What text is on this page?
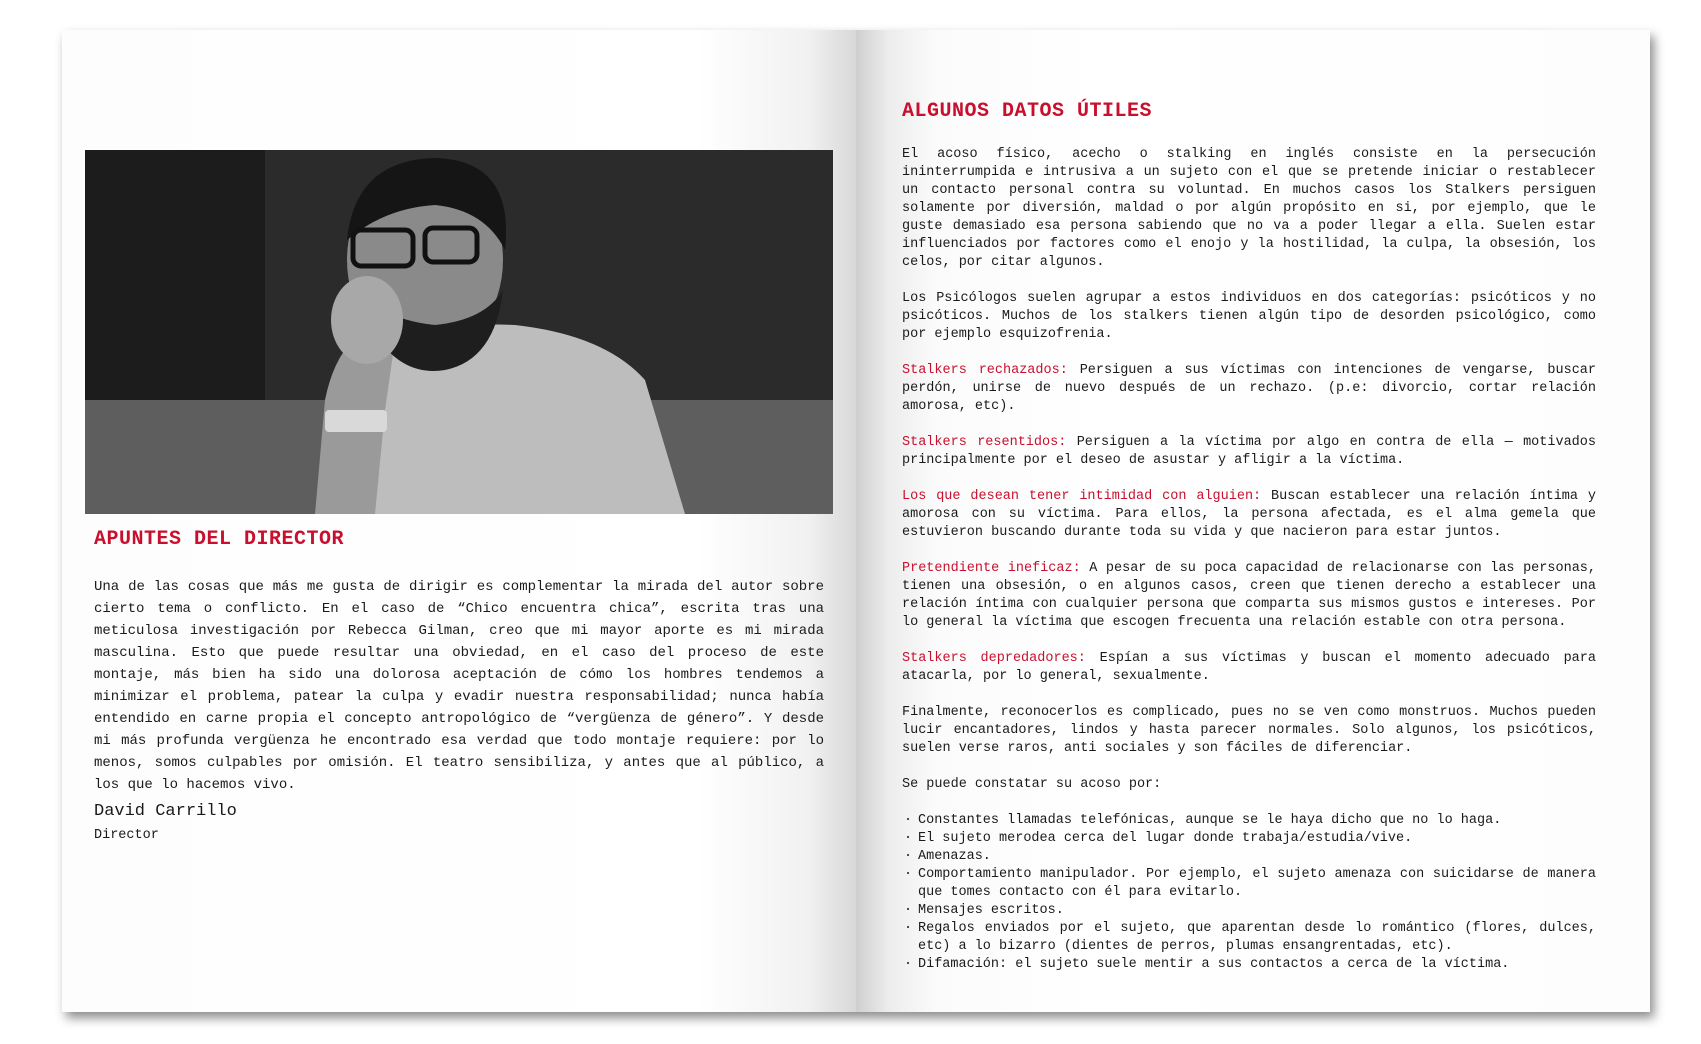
APUNTES DEL DIRECTOR

Una de las cosas que más me gusta de dirigir es complementar la mirada del autor sobre cierto tema o conflicto. En el caso de “Chico encuentra chica”, escrita tras una meticulosa investigación por Rebecca Gilman, creo que mi mayor aporte es mi mirada masculina. Esto que puede resultar una obviedad, en el caso del proceso de este montaje, más bien ha sido una dolorosa aceptación de cómo los hombres tendemos a minimizar el problema, patear la culpa y evadir nuestra responsabilidad; nunca había entendido en carne propia el concepto antropológico de “vergüenza de género”. Y desde mi más profunda vergüenza he encontrado esa verdad que todo montaje requiere: por lo menos, somos culpables por omisión. El teatro sensibiliza, y antes que al público, a los que lo hacemos vivo.

David Carrillo
Director
ALGUNOS DATOS ÚTILES

El acoso físico, acecho o stalking en inglés consiste en la persecución ininterrumpida e intrusiva a un sujeto con el que se pretende iniciar o restablecer un contacto personal contra su voluntad. En muchos casos los Stalkers persiguen solamente por diversión, maldad o por algún propósito en si, por ejemplo, que le guste demasiado esa persona sabiendo que no va a poder llegar a ella. Suelen estar influenciados por factores como el enojo y la hostilidad, la culpa, la obsesión, los celos, por citar algunos.

Los Psicólogos suelen agrupar a estos individuos en dos categorías: psicóticos y no psicóticos. Muchos de los stalkers tienen algún tipo de desorden psicológico, como por ejemplo esquizofrenia.

Stalkers rechazados: Persiguen a sus víctimas con intenciones de vengarse, buscar perdón, unirse de nuevo después de un rechazo. (p.e: divorcio, cortar relación amorosa, etc).

Stalkers resentidos: Persiguen a la víctima por algo en contra de ella — motivados principalmente por el deseo de asustar y afligir a la víctima.

Los que desean tener intimidad con alguien: Buscan establecer una relación íntima y amorosa con su víctima. Para ellos, la persona afectada, es el alma gemela que estuvieron buscando durante toda su vida y que nacieron para estar juntos.

Pretendiente ineficaz: A pesar de su poca capacidad de relacionarse con las personas, tienen una obsesión, o en algunos casos, creen que tienen derecho a establecer una relación íntima con cualquier persona que comparta sus mismos gustos e intereses. Por lo general la víctima que escogen frecuenta una relación estable con otra persona.

Stalkers depredadores: Espían a sus víctimas y buscan el momento adecuado para atacarla, por lo general, sexualmente.

Finalmente, reconocerlos es complicado, pues no se ven como monstruos. Muchos pueden lucir encantadores, lindos y hasta parecer normales. Solo algunos, los psicóticos, suelen verse raros, anti sociales y son fáciles de diferenciar.

Se puede constatar su acoso por:

· Constantes llamadas telefónicas, aunque se le haya dicho que no lo haga.
· El sujeto merodea cerca del lugar donde trabaja/estudia/vive.
· Amenazas.
· Comportamiento manipulador. Por ejemplo, el sujeto amenaza con suicidarse de manera que tomes contacto con él para evitarlo.
· Mensajes escritos.
· Regalos enviados por el sujeto, que aparentan desde lo romántico (flores, dulces, etc) a lo bizarro (dientes de perros, plumas ensangrentadas, etc).
· Difamación: el sujeto suele mentir a sus contactos a cerca de la víctima.
